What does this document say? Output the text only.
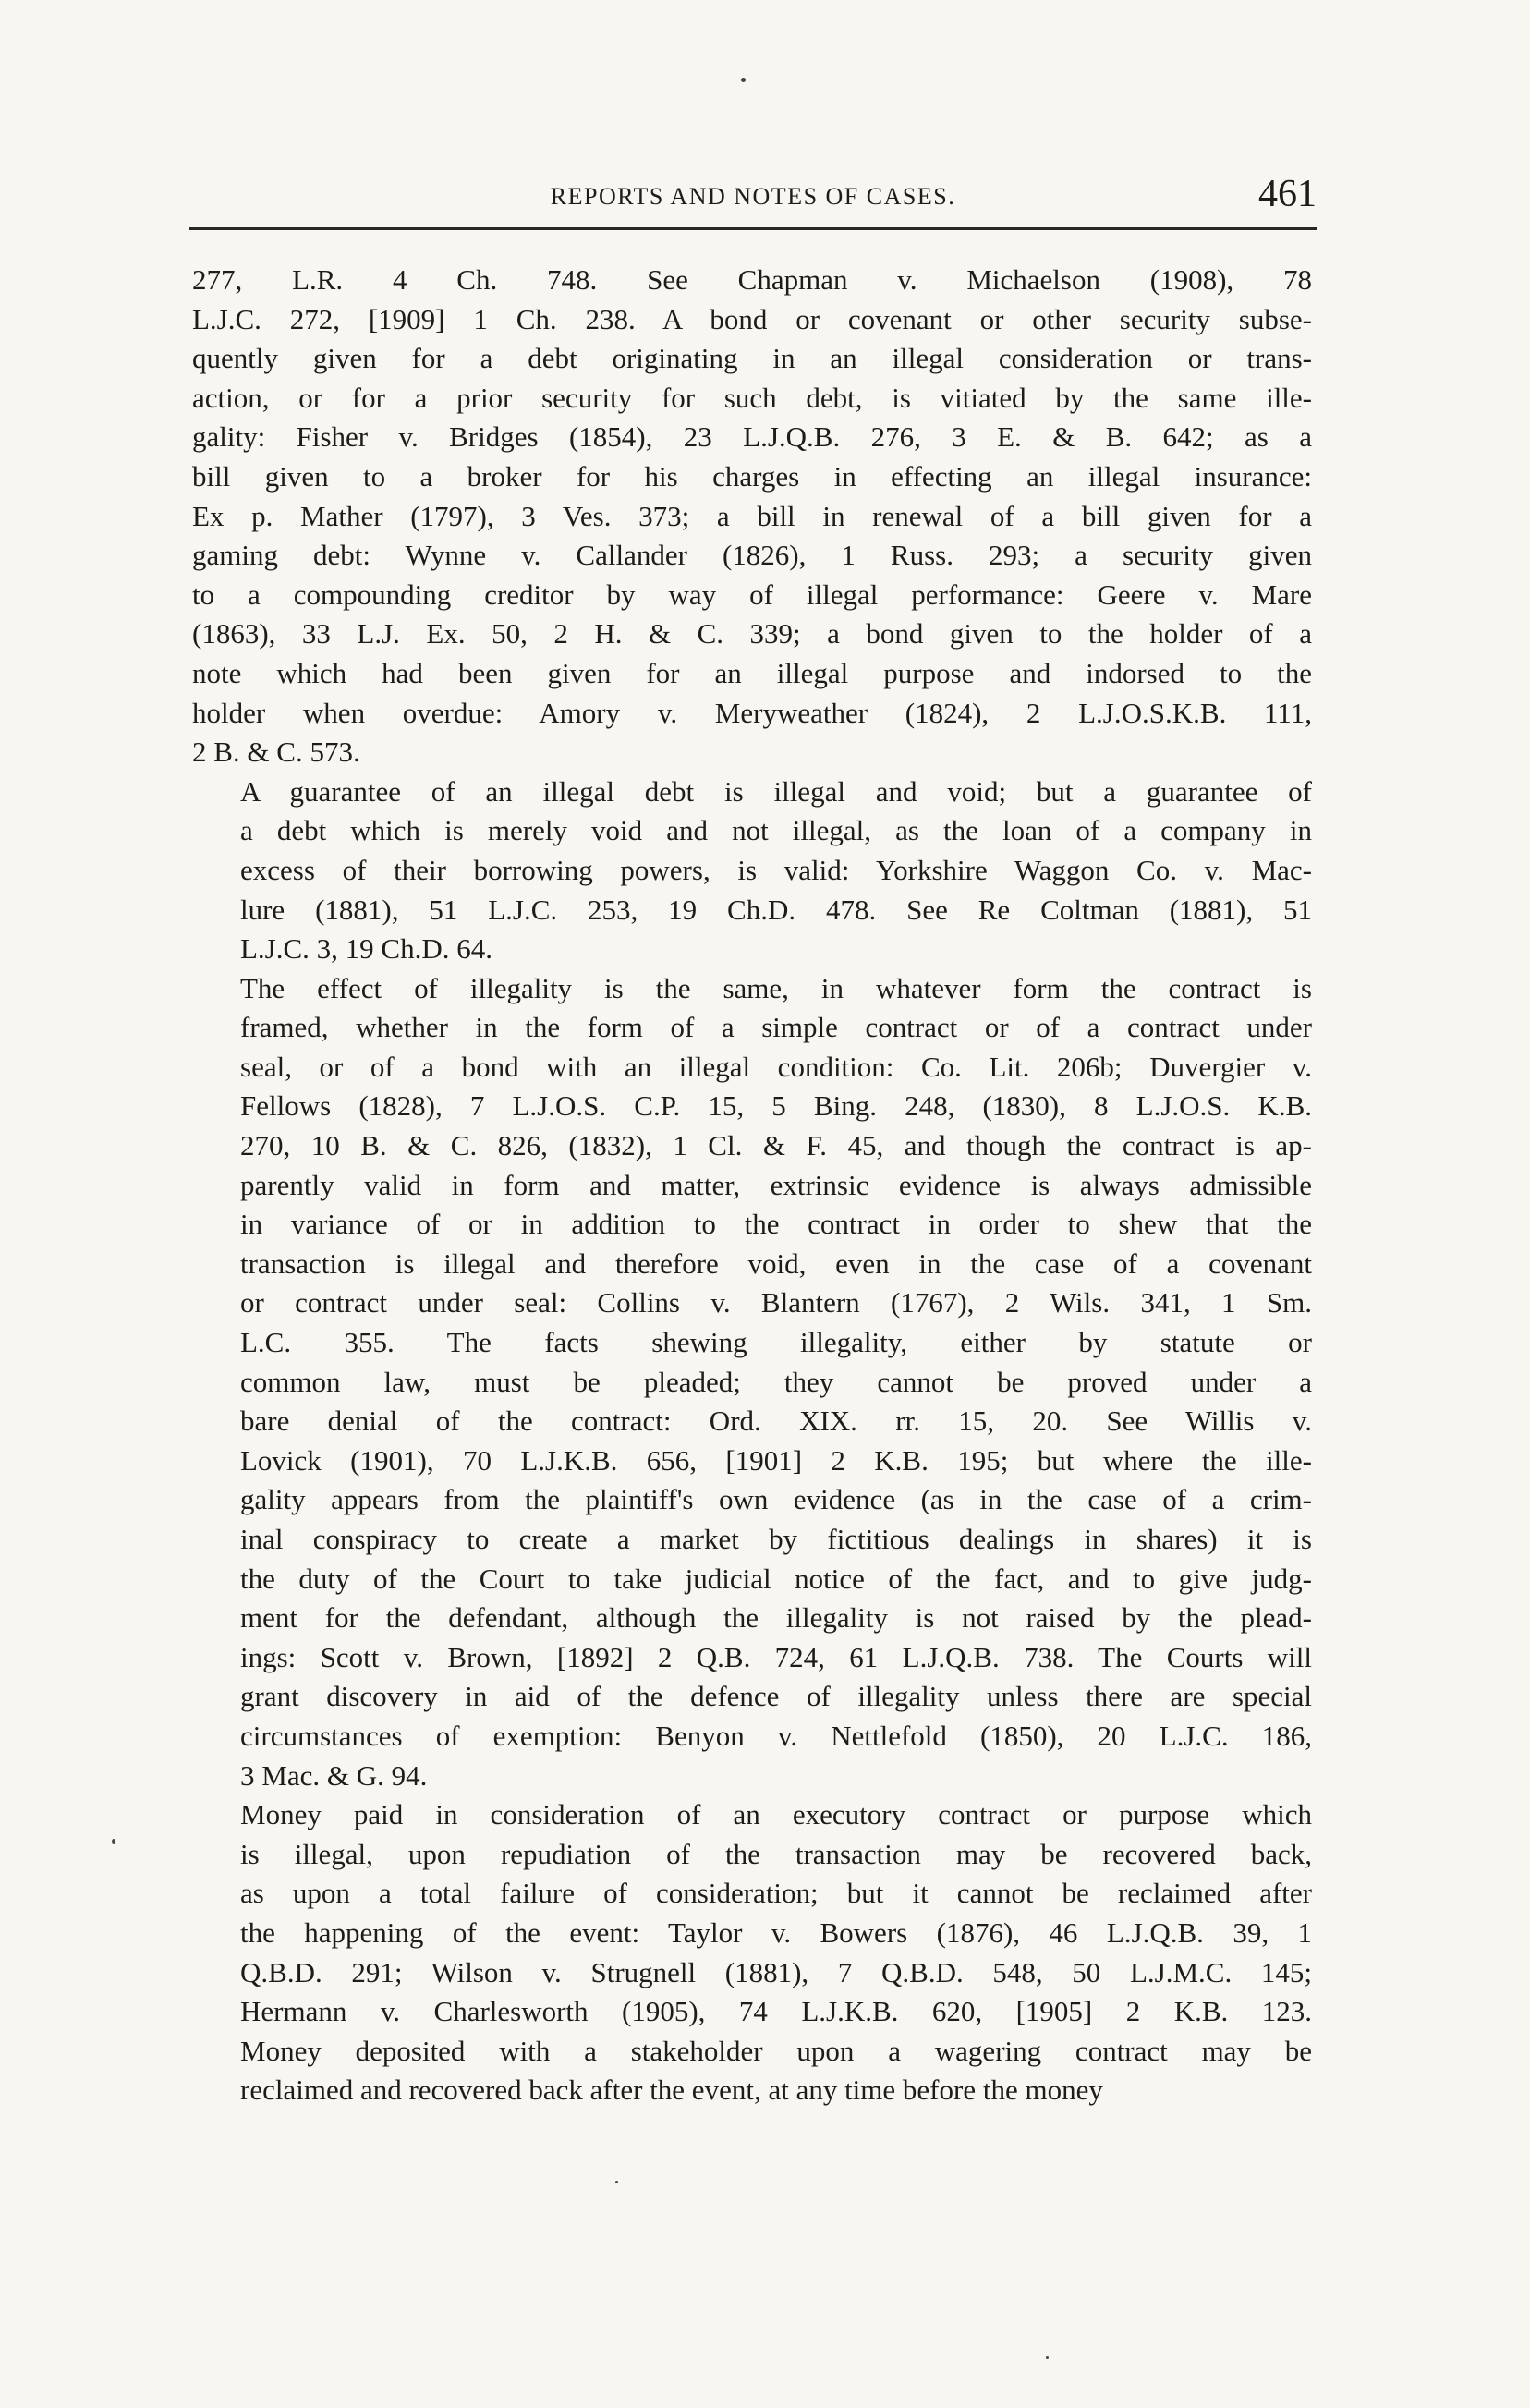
REPORTS AND NOTES OF CASES.	461

277, L.R. 4 Ch. 748. See Chapman v. Michaelson (1908), 78
L.J.C. 272, [1909] 1 Ch. 238. A bond or covenant or other security subse-
quently given for a debt originating in an illegal consideration or trans-
action, or for a prior security for such debt, is vitiated by the same ille-
gality: Fisher v. Bridges (1854), 23 L.J.Q.B. 276, 3 E. & B. 642; as a
bill given to a broker for his charges in effecting an illegal insurance:
Ex p. Mather (1797), 3 Ves. 373; a bill in renewal of a bill given for a
gaming debt: Wynne v. Callander (1826), 1 Russ. 293; a security given
to a compounding creditor by way of illegal performance: Geere v. Mare
(1863), 33 L.J. Ex. 50, 2 H. & C. 339; a bond given to the holder of a
note which had been given for an illegal purpose and indorsed to the
holder when overdue: Amory v. Meryweather (1824), 2 L.J.O.S.K.B. 111,
2 B. & C. 573.

A guarantee of an illegal debt is illegal and void; but a guarantee of
a debt which is merely void and not illegal, as the loan of a company in
excess of their borrowing powers, is valid: Yorkshire Waggon Co. v. Mac-
lure (1881), 51 L.J.C. 253, 19 Ch.D. 478. See Re Coltman (1881), 51
L.J.C. 3, 19 Ch.D. 64.

The effect of illegality is the same, in whatever form the contract is
framed, whether in the form of a simple contract or of a contract under
seal, or of a bond with an illegal condition: Co. Lit. 206b; Duvergier v.
Fellows (1828), 7 L.J.O.S. C.P. 15, 5 Bing. 248, (1830), 8 L.J.O.S. K.B.
270, 10 B. & C. 826, (1832), 1 Cl. & F. 45, and though the contract is ap-
parently valid in form and matter, extrinsic evidence is always admissible
in variance of or in addition to the contract in order to shew that the
transaction is illegal and therefore void, even in the case of a covenant
or contract under seal: Collins v. Blantern (1767), 2 Wils. 341, 1 Sm.
L.C. 355. The facts shewing illegality, either by statute or
common law, must be pleaded; they cannot be proved under a
bare denial of the contract: Ord. XIX. rr. 15, 20. See Willis v.
Lovick (1901), 70 L.J.K.B. 656, [1901] 2 K.B. 195; but where the ille-
gality appears from the plaintiff's own evidence (as in the case of a crim-
inal conspiracy to create a market by fictitious dealings in shares) it is
the duty of the Court to take judicial notice of the fact, and to give judg-
ment for the defendant, although the illegality is not raised by the plead-
ings: Scott v. Brown, [1892] 2 Q.B. 724, 61 L.J.Q.B. 738. The Courts will
grant discovery in aid of the defence of illegality unless there are special
circumstances of exemption: Benyon v. Nettlefold (1850), 20 L.J.C. 186,
3 Mac. & G. 94.

Money paid in consideration of an executory contract or purpose which
is illegal, upon repudiation of the transaction may be recovered back,
as upon a total failure of consideration; but it cannot be reclaimed after
the happening of the event: Taylor v. Bowers (1876), 46 L.J.Q.B. 39, 1
Q.B.D. 291; Wilson v. Strugnell (1881), 7 Q.B.D. 548, 50 L.J.M.C. 145;
Hermann v. Charlesworth (1905), 74 L.J.K.B. 620, [1905] 2 K.B. 123.
Money deposited with a stakeholder upon a wagering contract may be
reclaimed and recovered back after the event, at any time before the money
